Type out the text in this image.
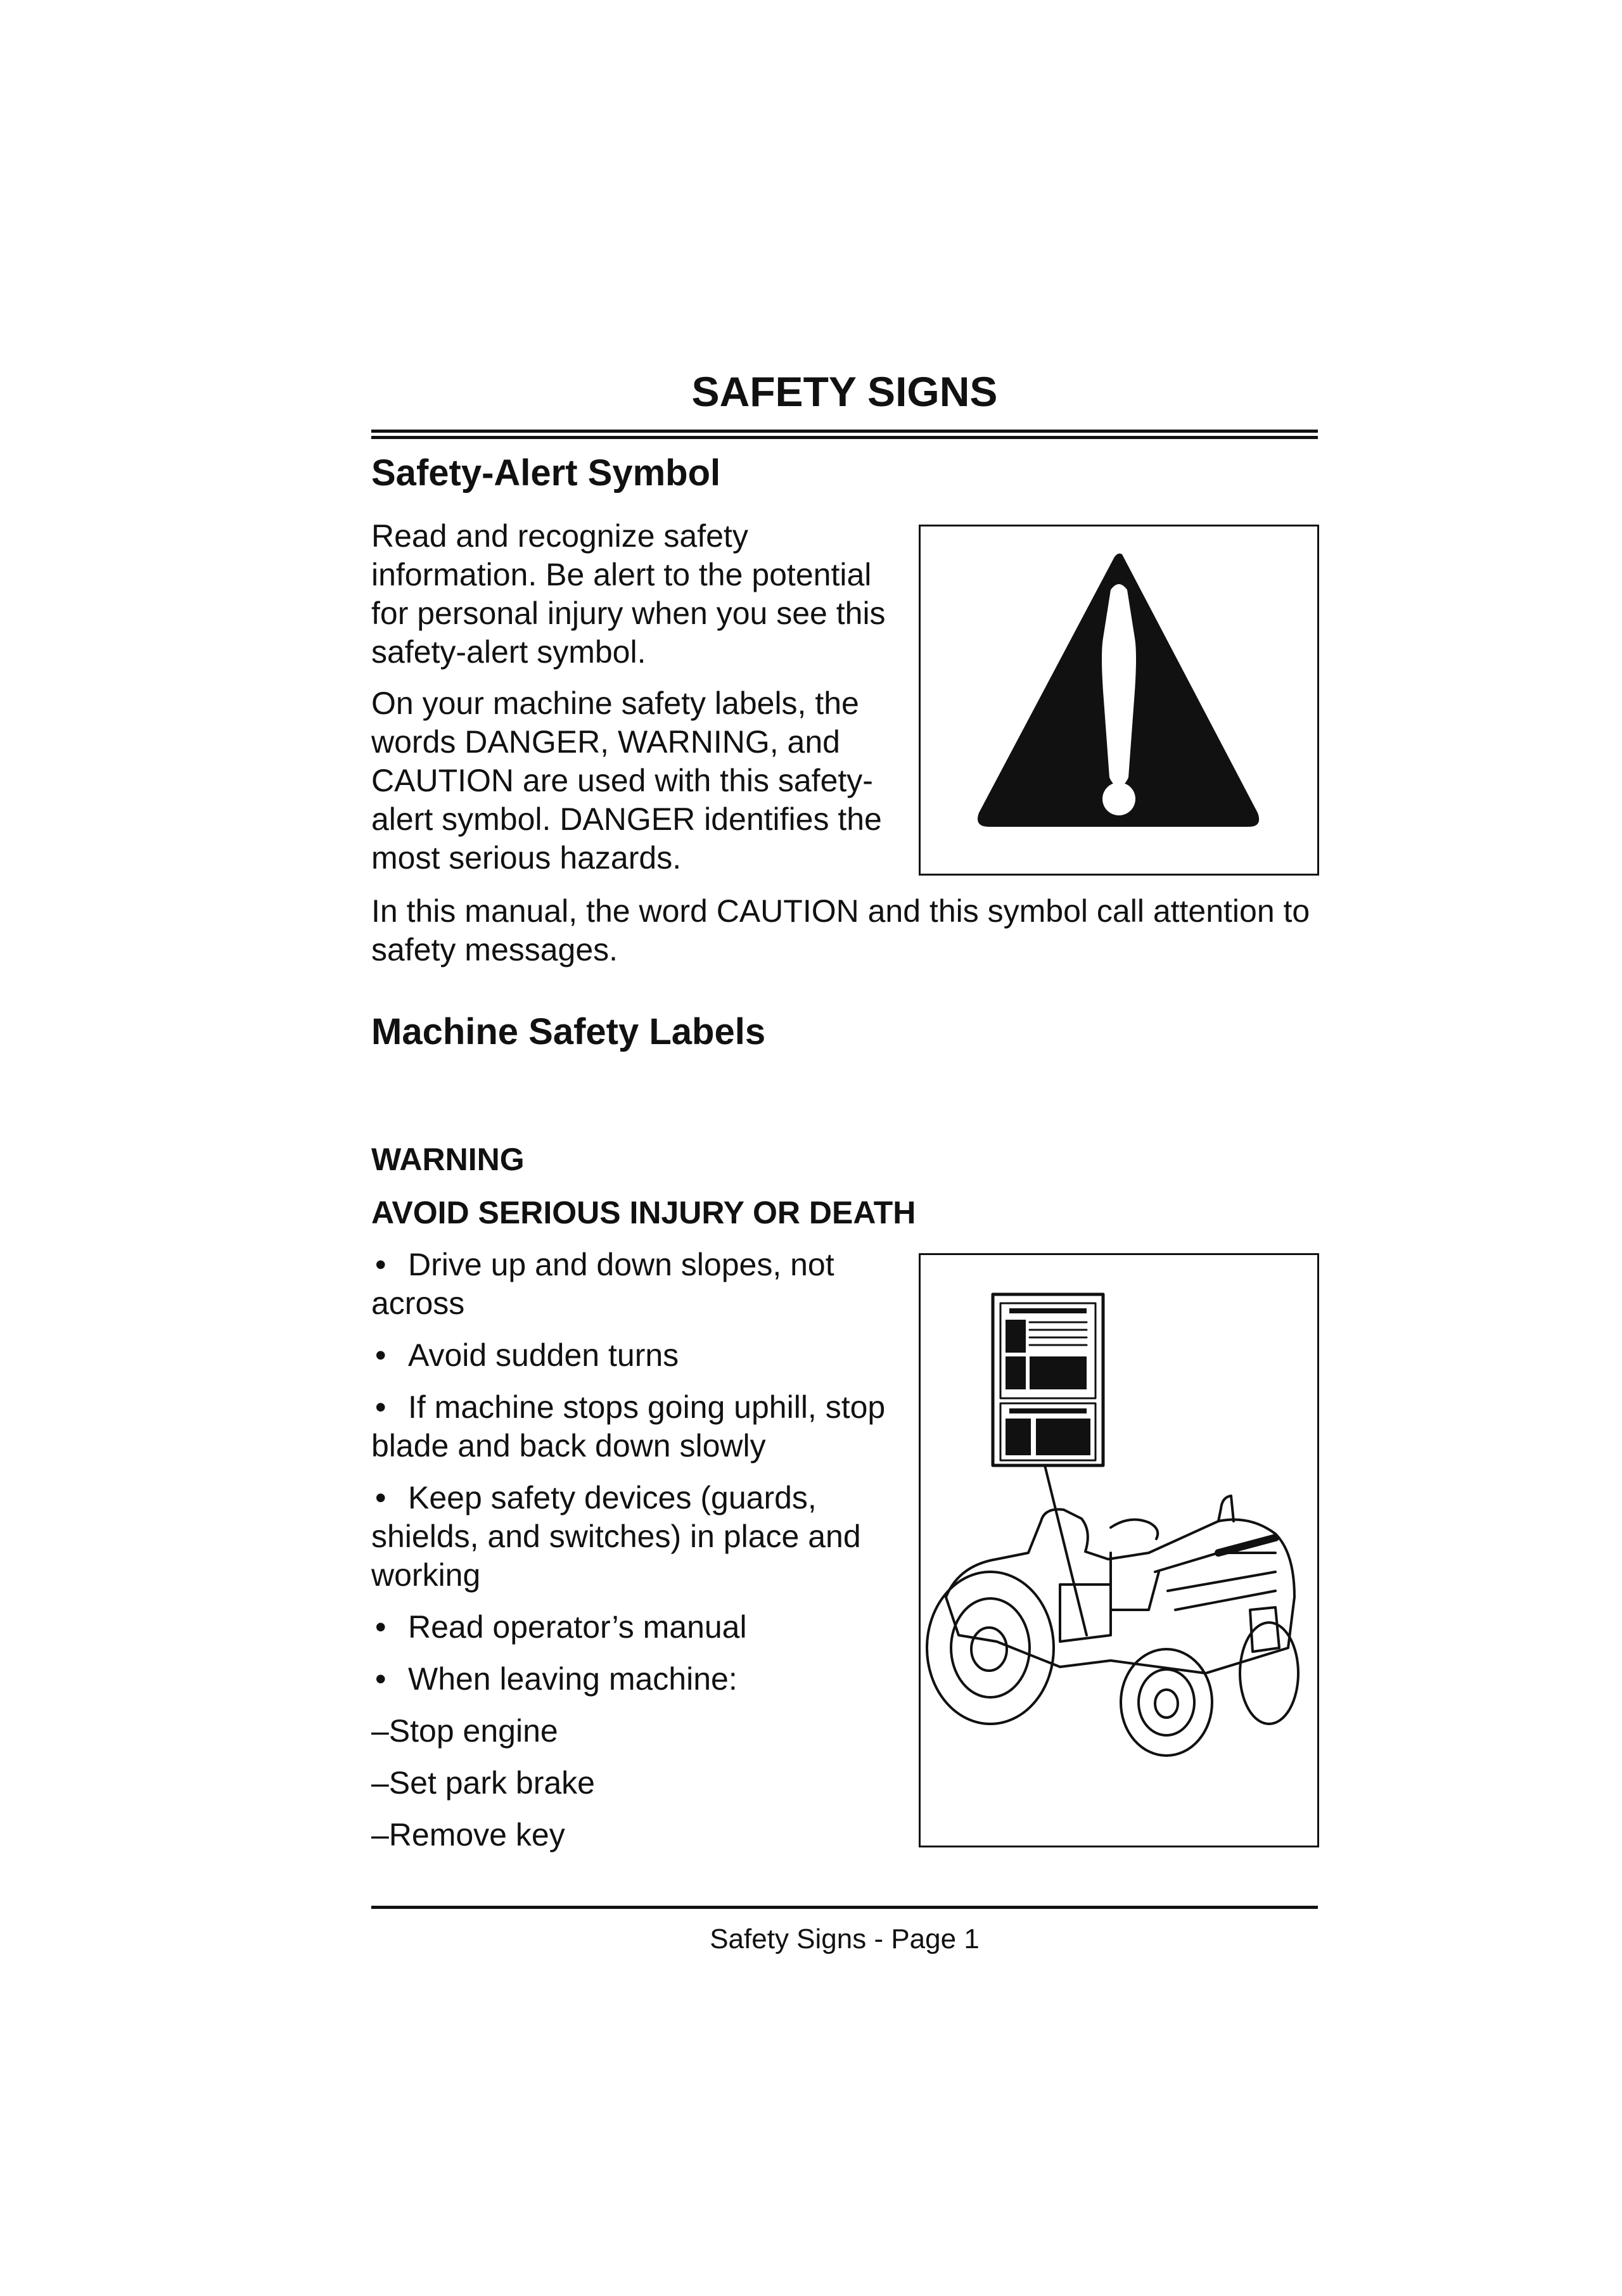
SAFETY SIGNS
Safety-Alert Symbol

Read and recognize safety information. Be alert to the potential for personal injury when you see this safety-alert symbol.

On your machine safety labels, the words DANGER, WARNING, and CAUTION are used with this safety-alert symbol. DANGER identifies the most serious hazards.

In this manual, the word CAUTION and this symbol call attention to safety messages.

Machine Safety Labels
WARNING
AVOID SERIOUS INJURY OR DEATH
• Drive up and down slopes, not across
• Avoid sudden turns
• If machine stops going uphill, stop blade and back down slowly
• Keep safety devices (guards, shields, and switches) in place and working
• Read operator’s manual
• When leaving machine:
–Stop engine
–Set park brake
–Remove key

Safety Signs - Page 1
